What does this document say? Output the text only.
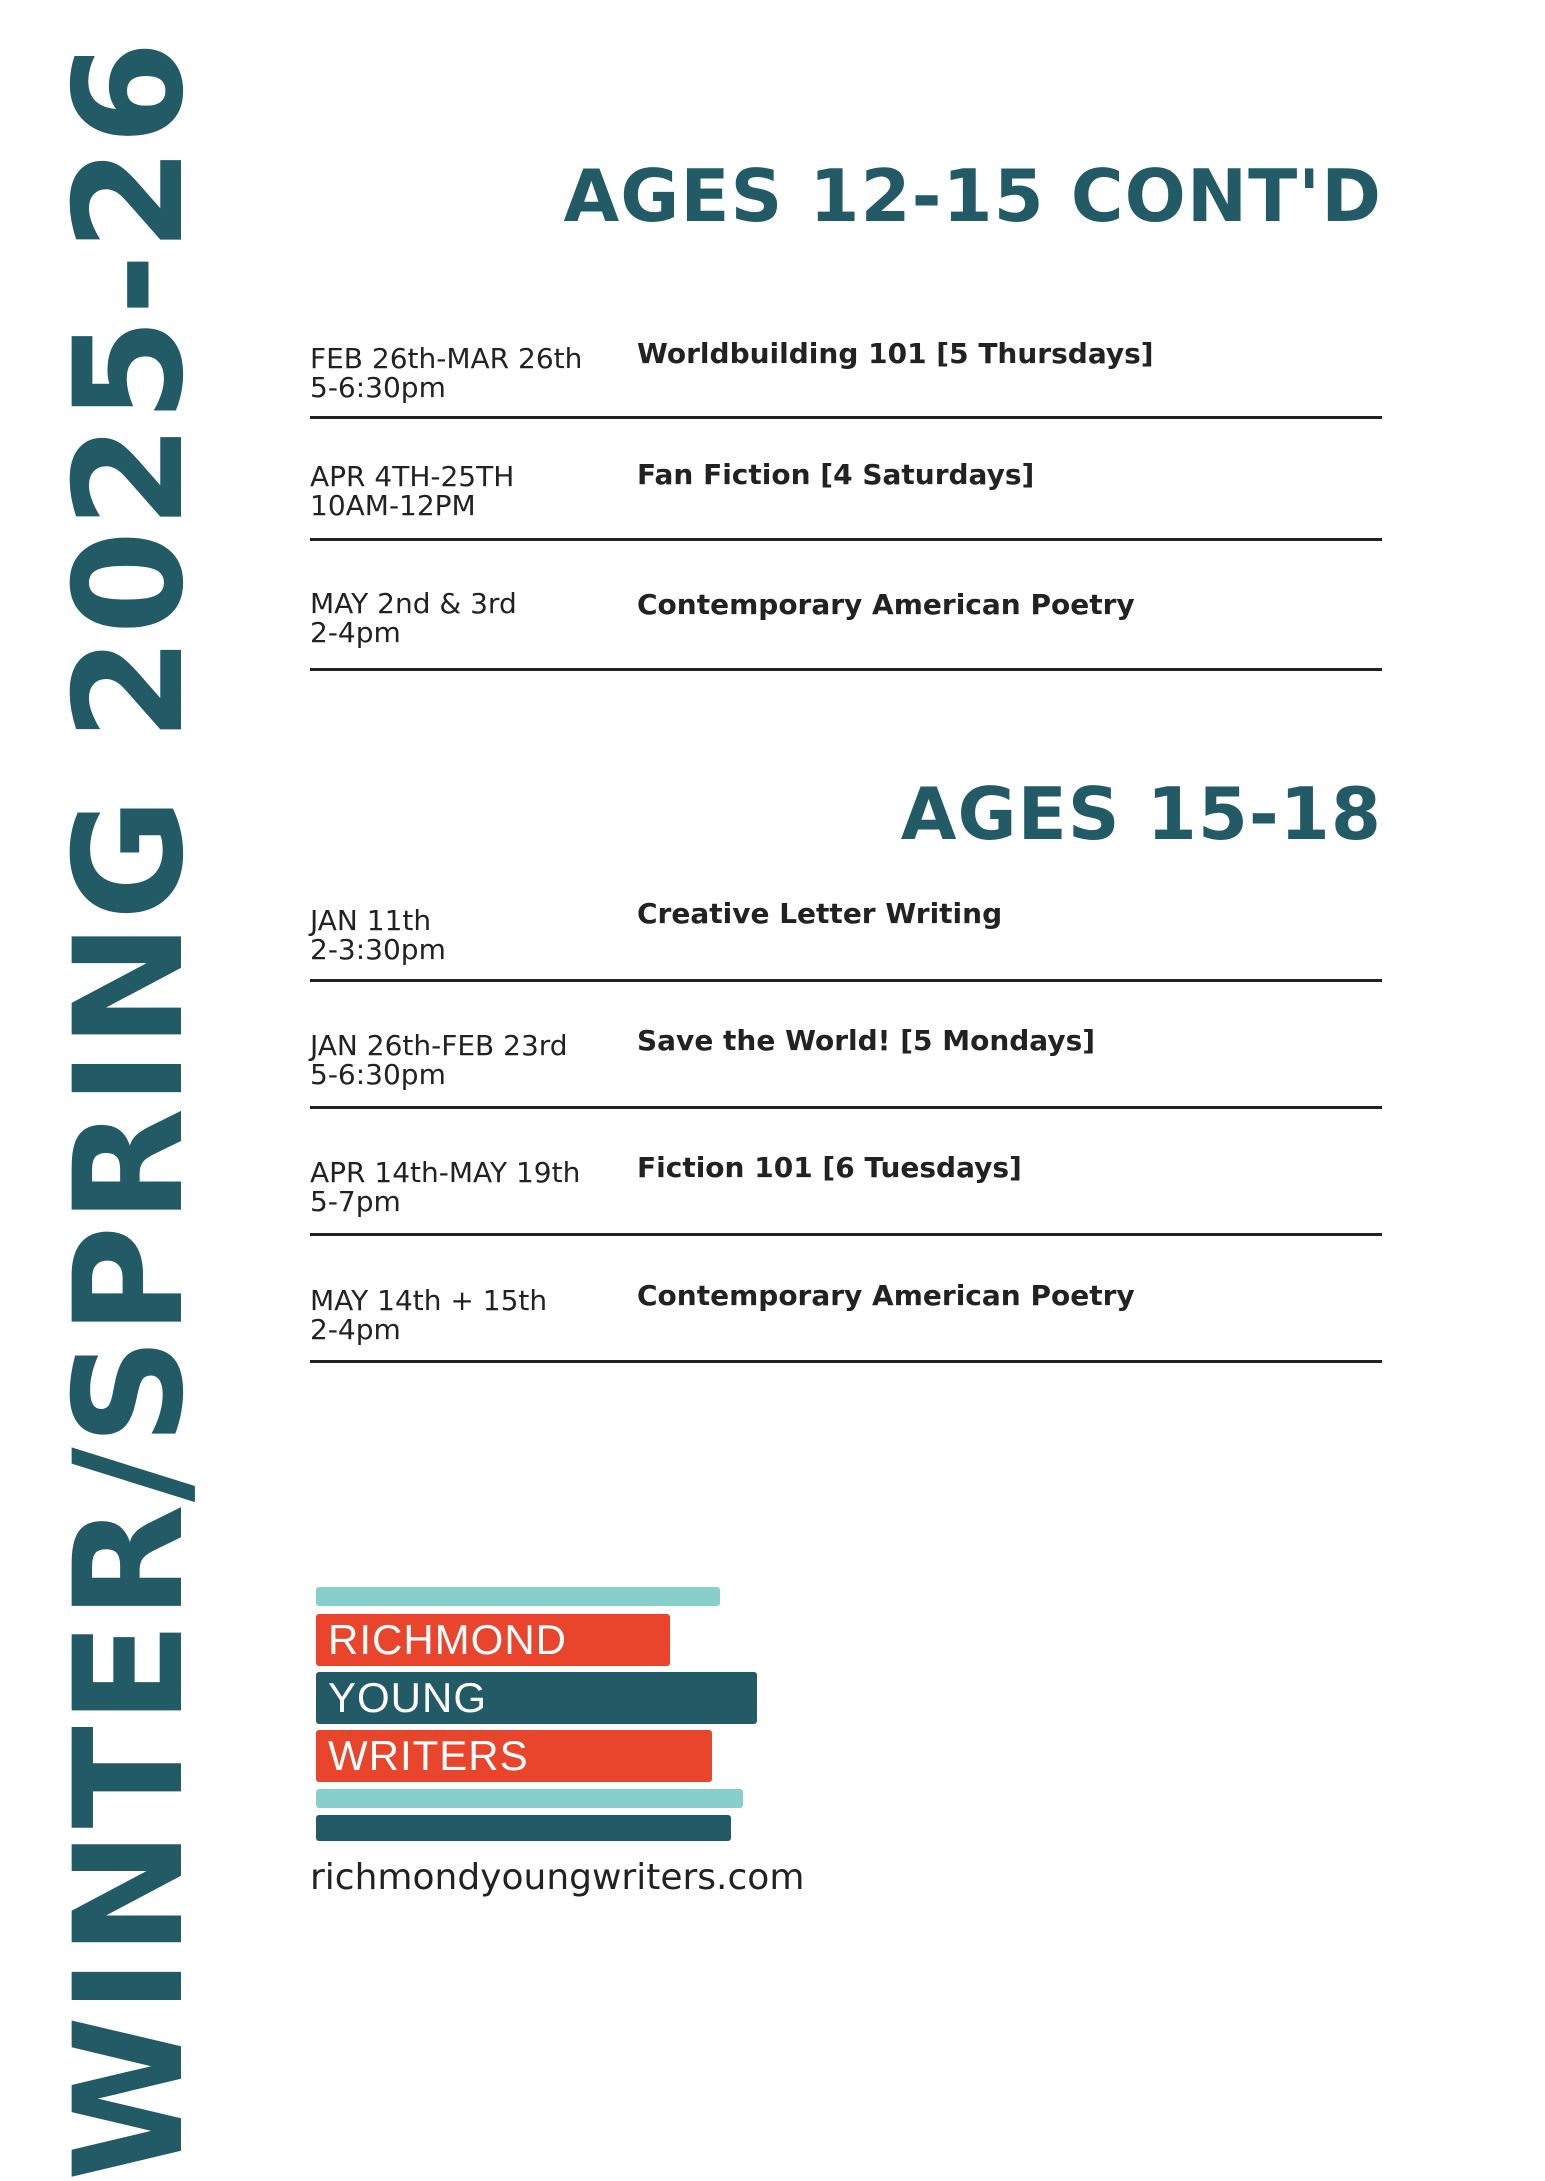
WINTER/SPRING 2025-26	AGES 12-15 CONT'D
FEB 26th-MAR 26th
5-6:30pm
Worldbuilding 101 [5 Thursdays]
APR 4TH-25TH
10AM-12PM
Fan Fiction [4 Saturdays]
MAY 2nd & 3rd
2-4pm
Contemporary American Poetry
AGES 15-18
JAN 11th
2-3:30pm
Creative Letter Writing
JAN 26th-FEB 23rd
5-6:30pm
Save the World! [5 Mondays]
APR 14th-MAY 19th
5-7pm
Fiction 101 [6 Tuesdays]
MAY 14th + 15th
2-4pm
Contemporary American Poetry
RICHMOND
YOUNG
WRITERS
richmondyoungwriters.com
